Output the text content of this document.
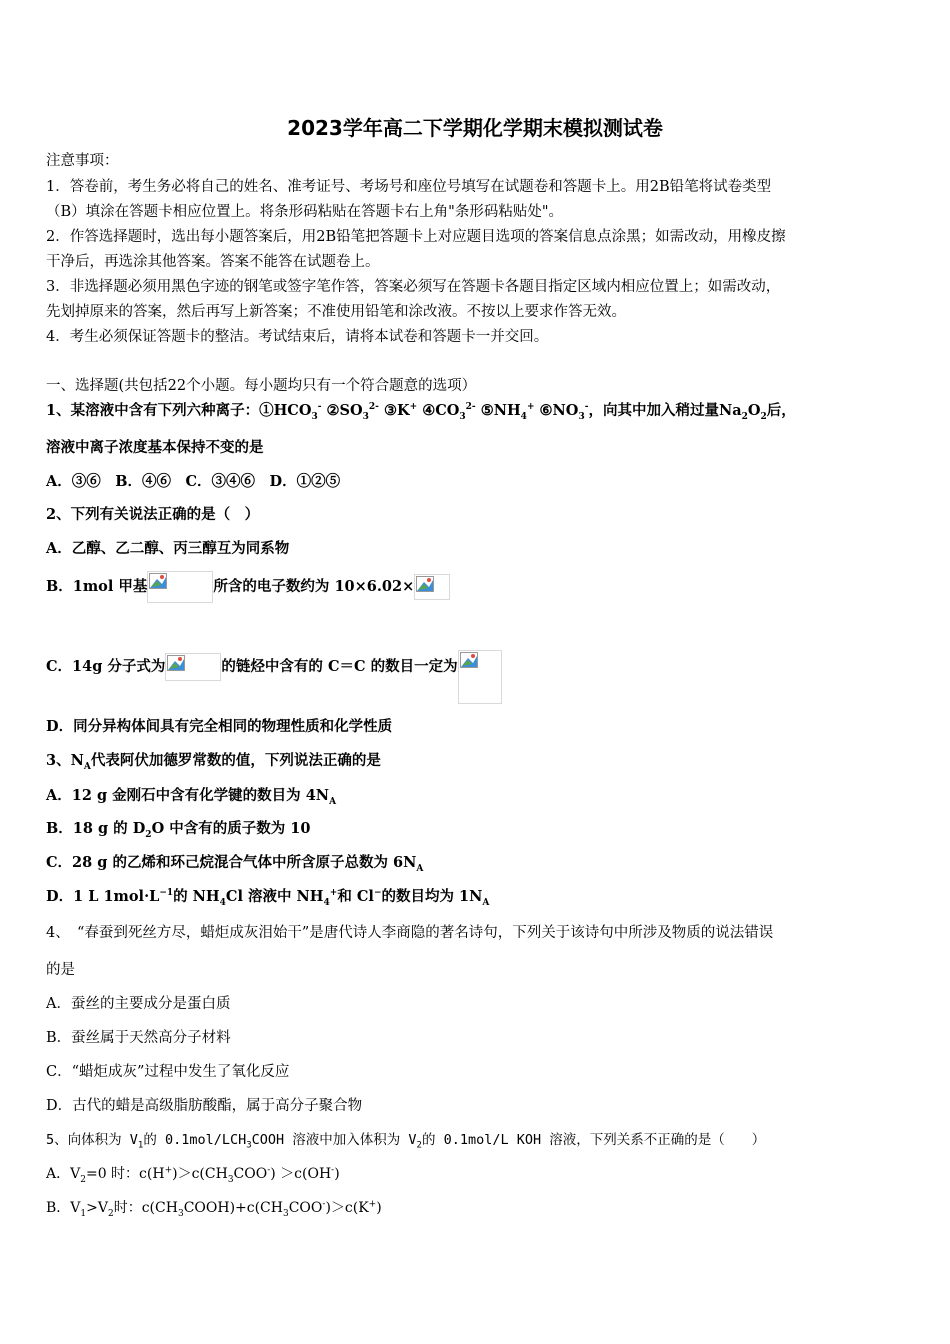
2023学年高二下学期化学期末模拟测试卷
注意事项：
1．答卷前，考生务必将自己的姓名、准考证号、考场号和座位号填写在试题卷和答题卡上。用2B铅笔将试卷类型
（B）填涂在答题卡相应位置上。将条形码粘贴在答题卡右上角"条形码粘贴处"。
2．作答选择题时，选出每小题答案后，用2B铅笔把答题卡上对应题目选项的答案信息点涂黑；如需改动，用橡皮擦
干净后，再选涂其他答案。答案不能答在试题卷上。
3．非选择题必须用黑色字迹的钢笔或签字笔作答，答案必须写在答题卡各题目指定区域内相应位置上；如需改动，
先划掉原来的答案，然后再写上新答案；不准使用铅笔和涂改液。不按以上要求作答无效。
4．考生必须保证答题卡的整洁。考试结束后，请将本试卷和答题卡一并交回。
一、选择题(共包括22个小题。每小题均只有一个符合题意的选项）
1、某溶液中含有下列六种离子：$①HCO_3^-$ $②SO_3^{2-}$ ③K+ $④CO_3^{2-}$ $⑤NH_4^+$ $⑥NO_3^-$，向其中加入稍过量$Na_2O_2$后，
溶液中离子浓度基本保持不变的是
A．③⑥　B．④⑥　C．③④⑥　D．①②⑤
2、下列有关说法正确的是（　）
A．乙醇、乙二醇、丙三醇互为同系物
B．1mol 甲基	所含的电子数约为 10×6.02×
C．14g 分子式为	的链烃中含有的 C＝C 的数目一定为
D．同分异构体间具有完全相同的物理性质和化学性质
3、$N_A$代表阿伏加德罗常数的值，下列说法正确的是
A．12 g 金刚石中含有化学键的数目为 $4N_A$
B．18 g 的 $D_2O$ 中含有的质子数为 10
C．28 g 的乙烯和环己烷混合气体中所含原子总数为 $6N_A$
D．1 L $1mol\cdot L^{-1}$的 $NH_4Cl$ 溶液中 $NH_4^+$和 Cl−的数目均为 $1N_A$
4、　“春蚕到死丝方尽，蜡炬成灰泪始干”是唐代诗人李商隐的著名诗句，下列关于该诗句中所涉及物质的说法错误
的是
A．蚕丝的主要成分是蛋白质
B．蚕丝属于天然高分子材料
C．“蜡炬成灰”过程中发生了氧化反应
D．古代的蜡是高级脂肪酸酯，属于高分子聚合物
5、向体积为 $V_1$的 $0.1mol/LCH_3COOH$ 溶液中加入体积为 $V_2$的 0.1mol/L KOH 溶液，下列关系不正确的是（　　）
A．$V_2=0$ 时：$c(H^+)>c(CH_3COO^-) >c(OH^-)$
B．$V_1>V_2$时：$c(CH_3COOH)+c(CH_3COO^-)>c(K^+)$
